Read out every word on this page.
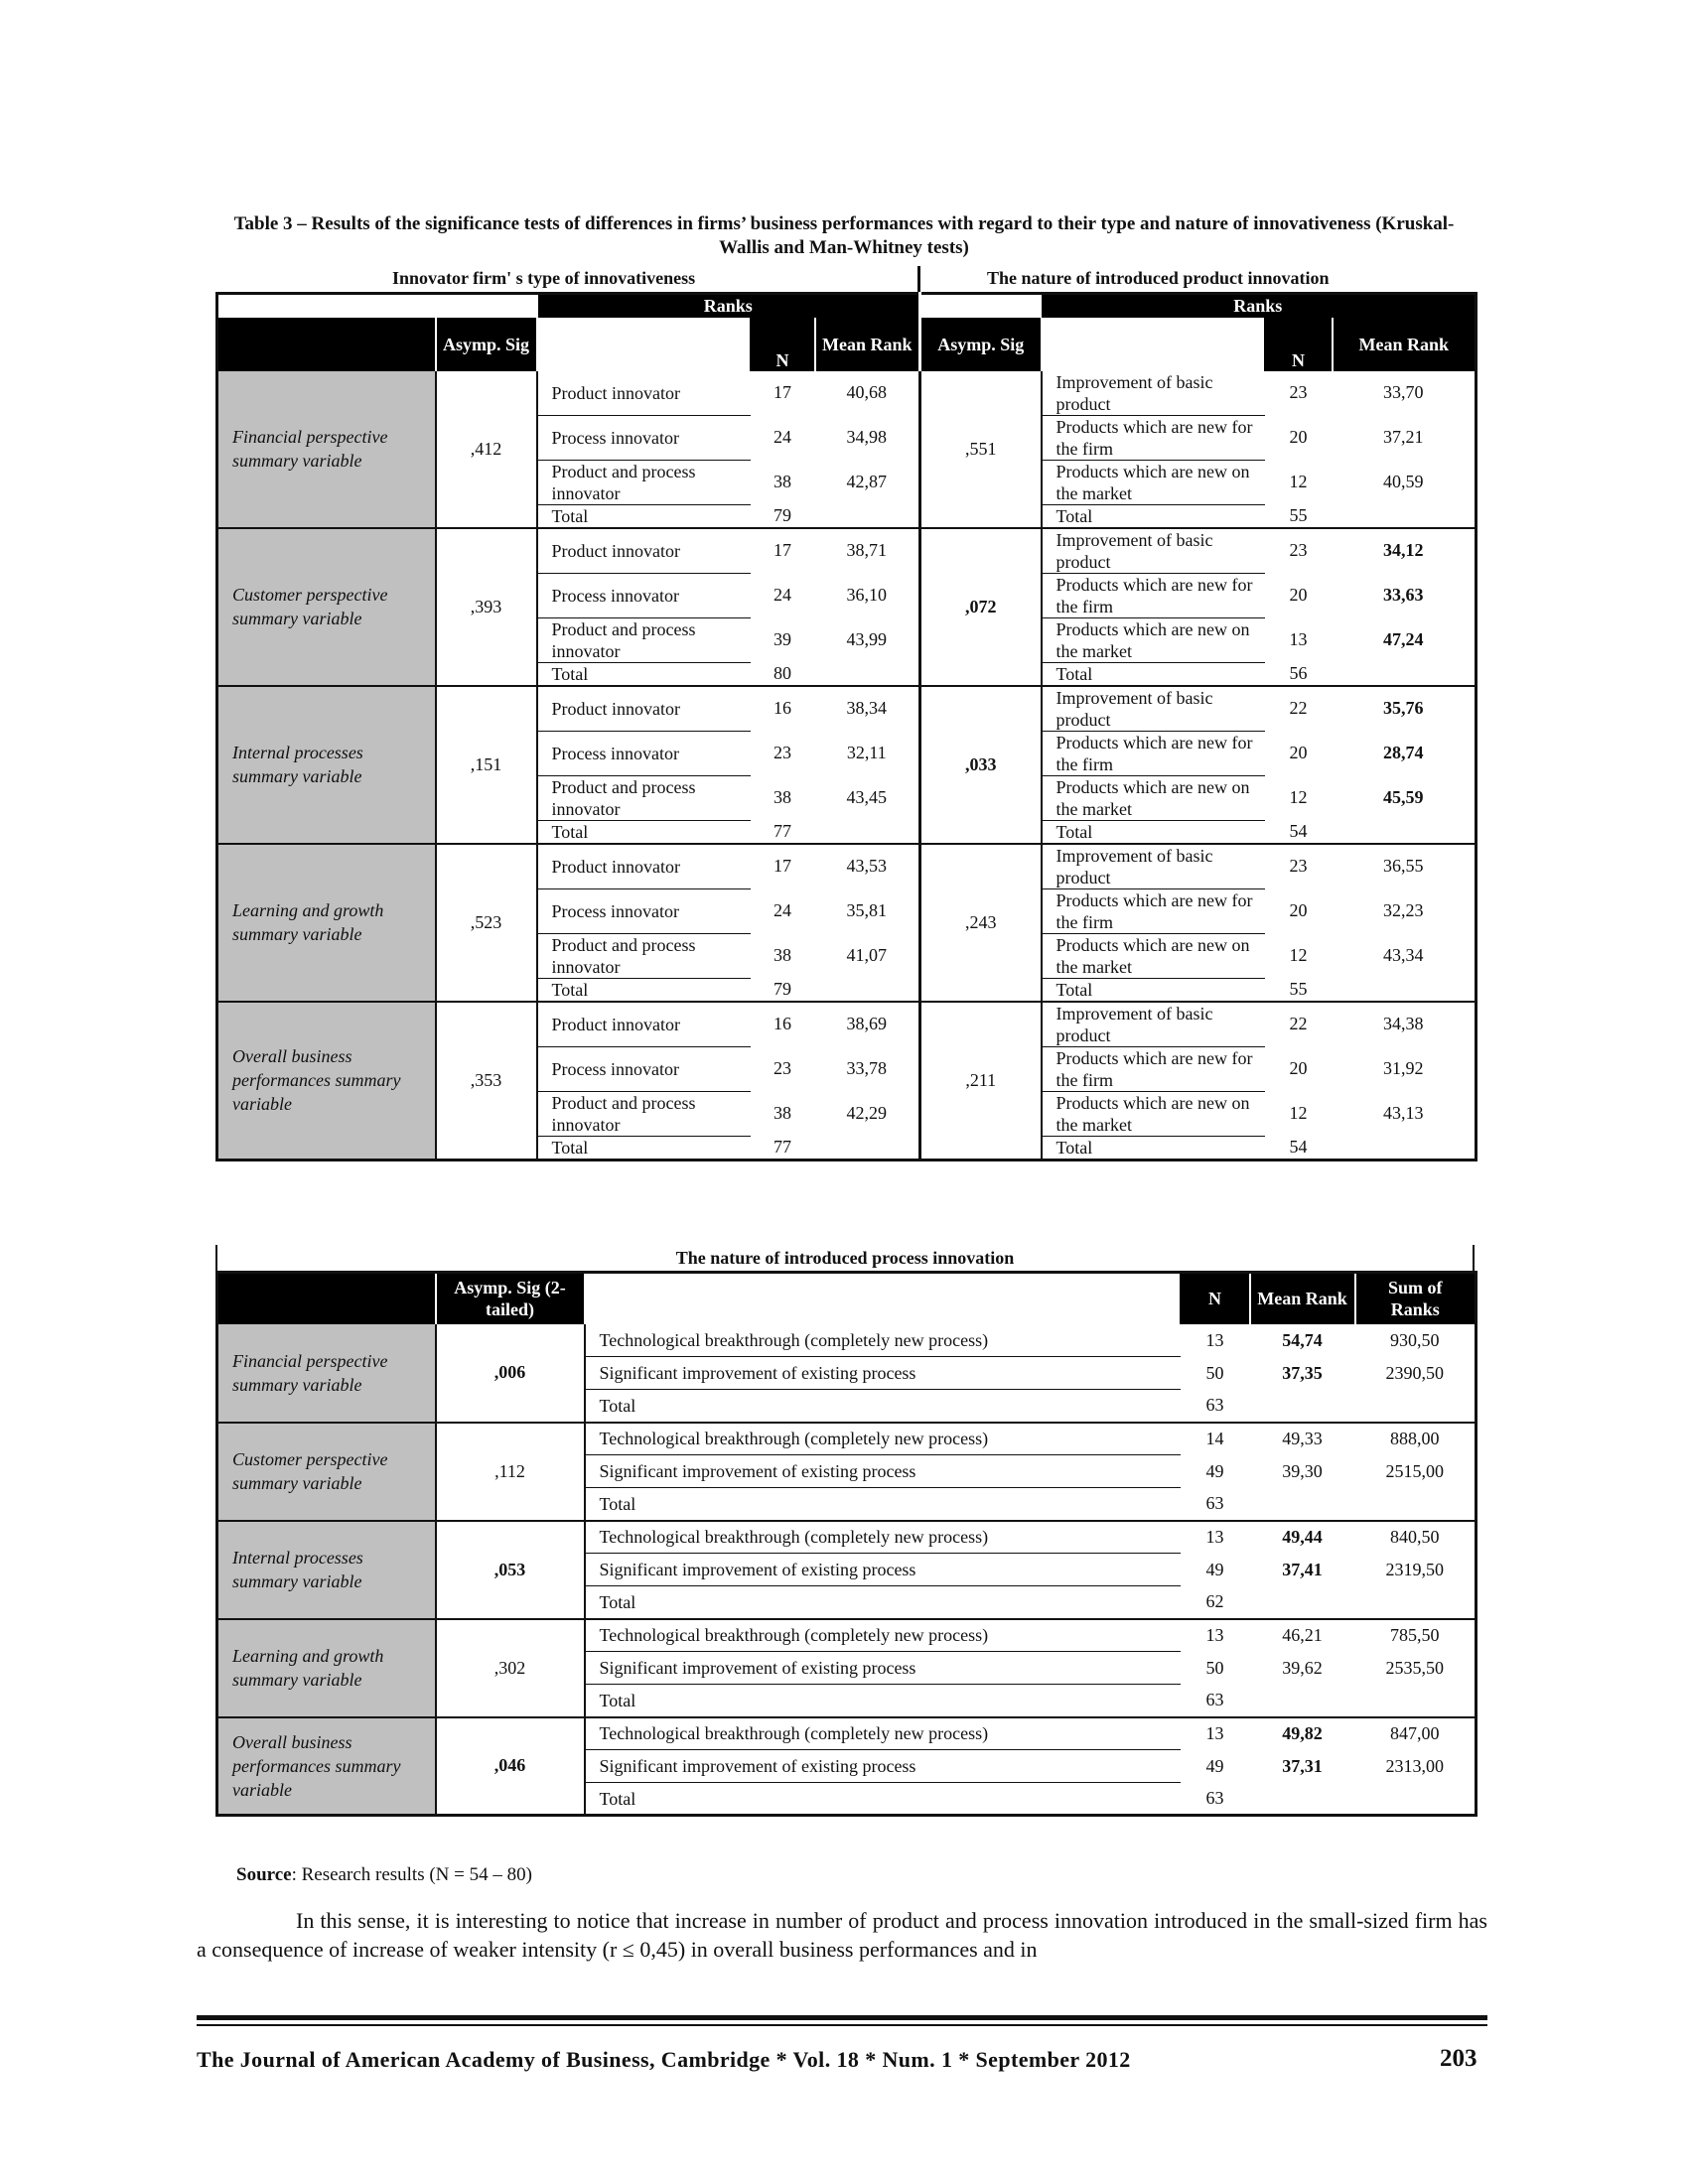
Table 3 – Results of the significance tests of differences in firms’ business performances with regard to their type and nature of innovativeness (Kruskal-Wallis and Man-Whitney tests)
Innovator firm' s type of innovativeness	The nature of introduced product innovation
		Ranks				Ranks		
	Asymp. Sig		N	Mean Rank	Asymp. Sig		N	Mean Rank
Financial perspective summary variable	,412	Product innovator	17	40,68	,551	Improvement of basic product	23	33,70
		Process innovator	24	34,98		Products which are new for the firm	20	37,21
		Product and process innovator	38	42,87		Products which are new on the market	12	40,59
		Total	79			Total	55	
Customer perspective summary variable	,393	Product innovator	17	38,71	,072	Improvement of basic product	23	34,12
		Process innovator	24	36,10		Products which are new for the firm	20	33,63
		Product and process innovator	39	43,99		Products which are new on the market	13	47,24
		Total	80			Total	56	
Internal processes summary variable	,151	Product innovator	16	38,34	,033	Improvement of basic product	22	35,76
		Process innovator	23	32,11		Products which are new for the firm	20	28,74
		Product and process innovator	38	43,45		Products which are new on the market	12	45,59
		Total	77			Total	54	
Learning and growth summary variable	,523	Product innovator	17	43,53	,243	Improvement of basic product	23	36,55
		Process innovator	24	35,81		Products which are new for the firm	20	32,23
		Product and process innovator	38	41,07		Products which are new on the market	12	43,34
		Total	79			Total	55	
Overall business performances summary variable	,353	Product innovator	16	38,69	,211	Improvement of basic product	22	34,38
		Process innovator	23	33,78		Products which are new for the firm	20	31,92
		Product and process innovator	38	42,29		Products which are new on the market	12	43,13
		Total	77			Total	54	
The nature of introduced process innovation
	Asymp. Sig (2-tailed)		N	Mean Rank	Sum of Ranks
Financial perspective summary variable	,006	Technological breakthrough (completely new process)	13	54,74	930,50
		Significant improvement of existing process	50	37,35	2390,50
		Total	63		
Customer perspective summary variable	,112	Technological breakthrough (completely new process)	14	49,33	888,00
		Significant improvement of existing process	49	39,30	2515,00
		Total	63		
Internal processes summary variable	,053	Technological breakthrough (completely new process)	13	49,44	840,50
		Significant improvement of existing process	49	37,41	2319,50
		Total	62		
Learning and growth summary variable	,302	Technological breakthrough (completely new process)	13	46,21	785,50
		Significant improvement of existing process	50	39,62	2535,50
		Total	63		
Overall business performances summary variable	,046	Technological breakthrough (completely new process)	13	49,82	847,00
		Significant improvement of existing process	49	37,31	2313,00
		Total	63		
Source: Research results (N = 54 – 80)
In this sense, it is interesting to notice that increase in number of product and process innovation introduced in the small-sized firm has a consequence of increase of weaker intensity (r ≤ 0,45) in overall business performances and in
The Journal of American Academy of Business, Cambridge * Vol. 18 * Num. 1 * September 2012	203
